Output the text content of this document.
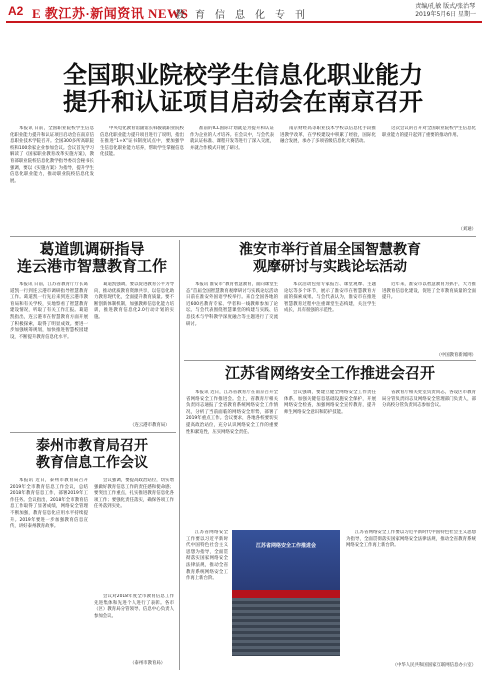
A2 E 教江苏·新闻资讯 NEWS
教育信息化专刊
责编/孔敏 版式/张治琴
2019年5月6日 星期一
全国职业院校学生信息化职业能力
提升和认证项目启动会在南京召开

本报讯 日前，全国职业院校学生信息化职业能力提升和认证项目启动会在南京信息职业技术学院召开。全国300多所高职院校和100余家企业参加会议。会议首先学习解读了《国家职业教育改革实施方案》，教育部职业院校信息化教学指导委员会秘书长强调，要以《实施方案》为指导，提升学生信息化职业能力，推动职业院校信息化发展。

中央电化教育馆副馆长韩骏就职业院校信息化职业能力提升项目进行了说明，指出在推进“1+X”证书制度试点中，要加强学生信息化职业能力培养，帮助学生掌握信息化技能。

准前的ICL国际计划就是为提升和认证作为企业的人才培养。在会议中，与会代表就认证标准、课程开发等进行了深入交流，并就合作模式开展了研讨。

南京财经高等职业技术学校以信息化手段推进教学改革，在学校建设中积累了经验，国际化融合发展，承办了多项省级信息化大赛活动。

这次会议的召开对全国职业院校学生信息化职业能力的提升起到了重要的推动作用。

（刘通）
葛道凯调研指导
连云港市智慧教育工作

本报讯 日前，江苏省教育厅厅长葛道凯一行到连云港市调研指导智慧教育工作。葛道凯一行先后来到连云港市教育局和有关学校，实地察看了智慧教育建设情况，听取了有关工作汇报。葛道凯指出，连云港市在智慧教育方面开展了积极探索，取得了明显成效。要进一步加强统筹规划，加快推进智慧校园建设，不断提升教育信息化水平。

葛道凯强调，要以促进教育公平为导向，推动优质教育资源共享，以信息化助力教育现代化，全面提升教育质量。要不断创新体制机制，加强教师信息化能力培训，推进教育信息化2.0行动计划的实施。

（连云港市教育局）
淮安市举行首届全国智慧教育
观摩研讨与实践论坛活动

本报讯 淮安市“教育智慧教育，面向课堂生态”首届全国智慧教育观摩研讨与实践论坛活动日前在淮安外国语学校举行。来自全国各地的近600名教育专家、学者和一线教师参加了论坛。与会代表围绕智慧课堂的构建与实践、信息技术与学科教学深度融合等主题进行了交流研讨。

本次活动包括专家报告、课堂观摩、主题论坛等多个环节，展示了淮安市在智慧教育方面的探索成果。与会代表认为，淮安市在推进智慧教育过程中注重课堂生态构建，关注学生成长，具有很强的示范性。

近年来，淮安市以智慧教育为抓手，大力推进教育信息化建设，促进了全市教育质量的全面提升。

（中国教育新闻网）
泰州市教育局召开
教育信息工作会议

本报讯 近日，泰州市教育局召开2019年全市教育信息工作会议，总结2018年教育信息工作，部署2019年工作任务。会议指出，2018年全市教育信息工作取得了显著成绩，网络安全管理不断加强，教育信息化应用水平持续提升。2019年要进一步加强教育信息宣传，讲好泰州教育故事。

会议强调，要提高政治站位，切实增强做好教育信息工作的责任感和使命感；要突出工作重点，扎实推进教育信息化各项工作；要强化责任落实，确保各项工作任务落到实处。

会议对2018年度全市教育信息工作先进集体和先进个人进行了表彰。各市（区）教育局分管领导、信息中心负责人参加会议。

（泰州市教育局）
江苏省网络安全工作推进会召开

本报讯 近日，江苏省教育厅在南京召开全省网络安全工作推进会。会上，省教育厅相关负责同志通报了全省教育系统网络安全工作情况，分析了当前面临的网络安全形势，部署了2019年重点工作。会议要求，各地各校要切实提高政治站位，充分认识网络安全工作的重要性和紧迫性，压实网络安全责任。

会议强调，要建立健全网络安全工作责任体系，加强关键信息基础设施安全保护，开展网络安全检查，加强网络安全宣传教育，提升师生网络安全意识和防护技能。

省教育厅相关处室负责同志，各设区市教育局分管负责同志及网络安全管理部门负责人，部分高校分管负责同志参加会议。

江苏省网络安全工作要以习近平新时代中国特色社会主义思想为指导，全面贯彻落实国家网络安全法律法规，推动全省教育系统网络安全工作再上新台阶。

江苏省网络安全工作推进会

江苏省网络安全工作要以习近平新时代中国特色社会主义思想为指导，全面贯彻落实国家网络安全法律法规，推动全省教育系统网络安全工作再上新台阶。

（中华人民共和国国家互联网信息办公室）
